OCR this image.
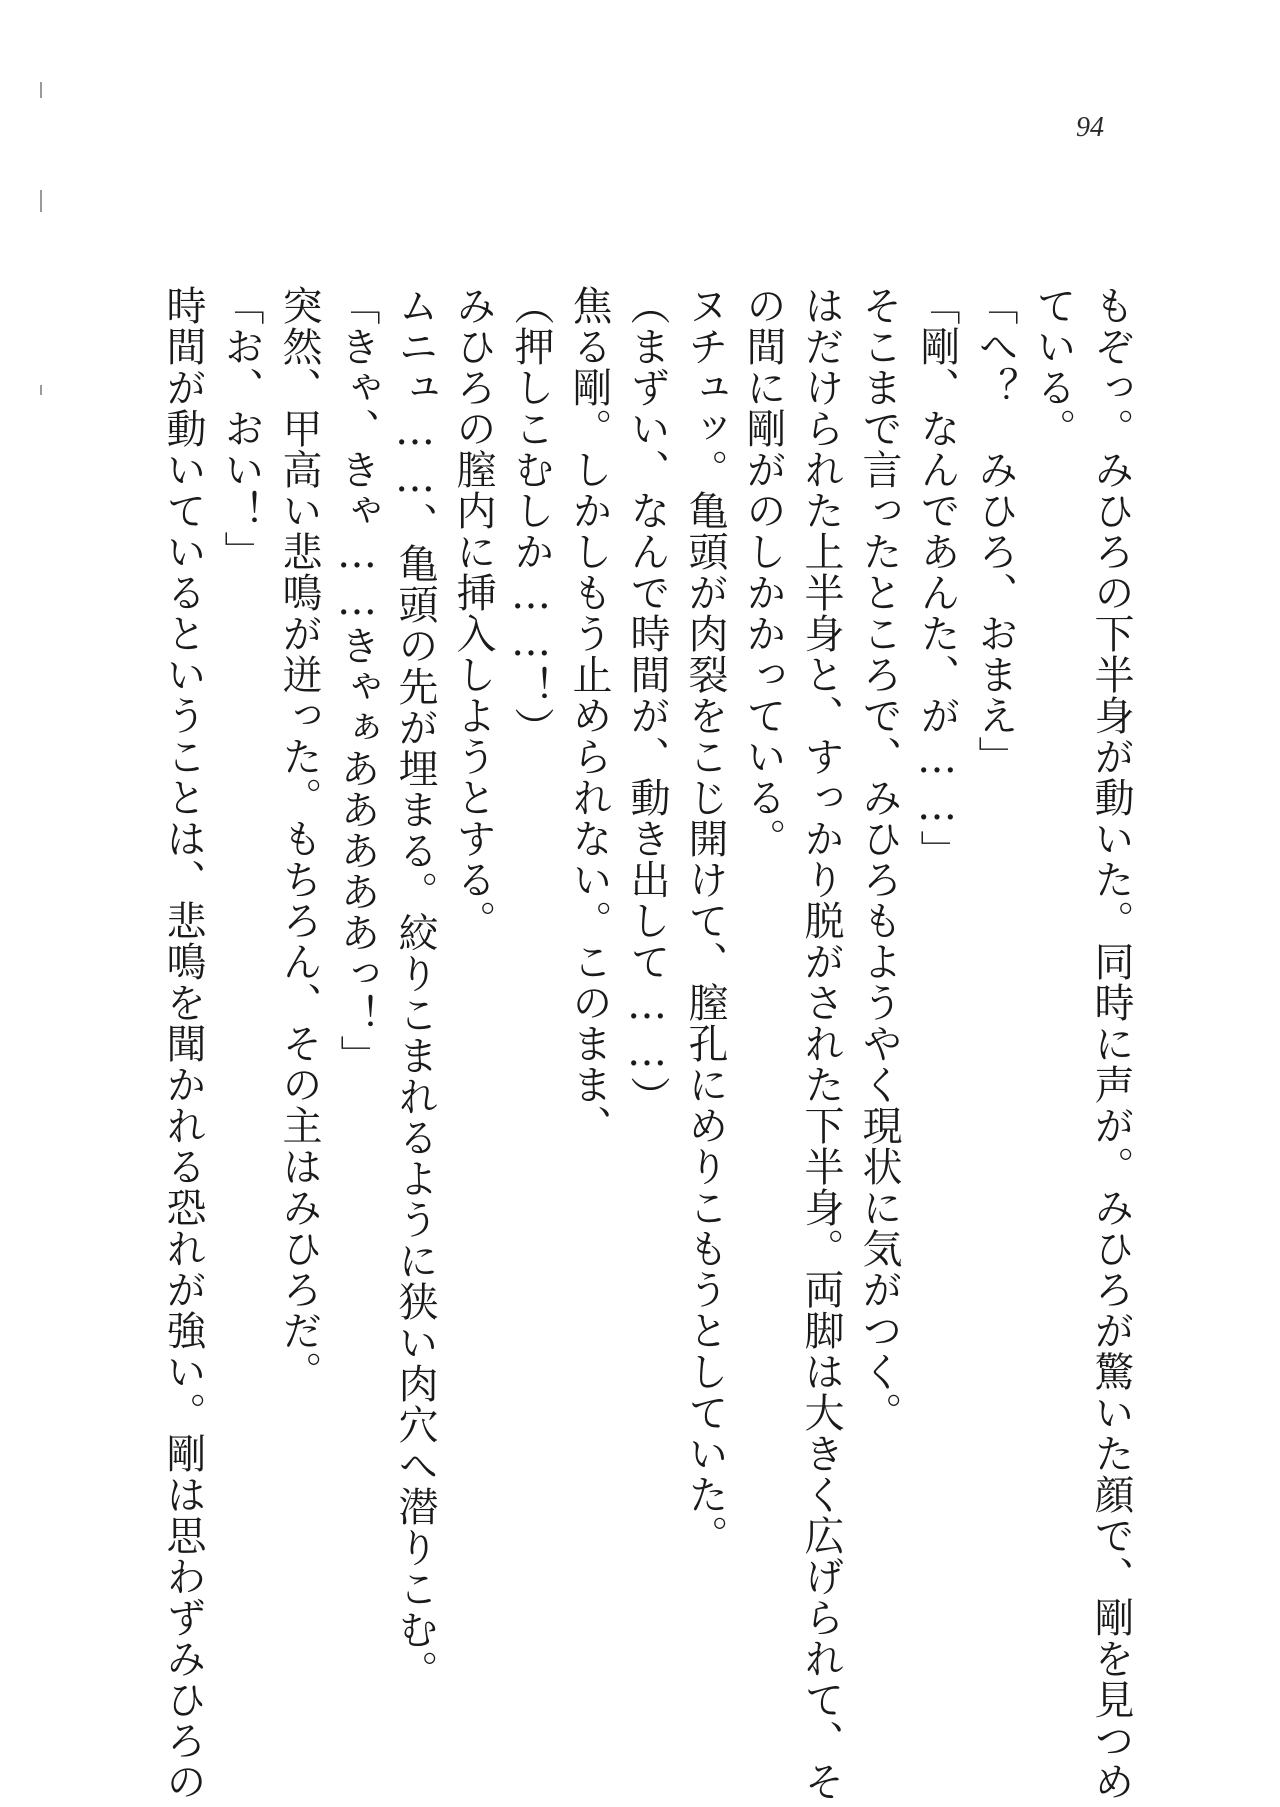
94
もぞっ。みひろの下半身が動いた。同時に声が。みひろが驚いた顔で、剛を見つめ
ている。
「へ？　みひろ、おまえ」
「剛、なんであんた、が……」
そこまで言ったところで、みひろもようやく現状に気がつく。
はだけられた上半身と、すっかり脱がされた下半身。両脚は大きく広げられて、そ
の間に剛がのしかかっている。
ヌチュッ。亀頭が肉裂をこじ開けて、膣孔にめりこもうとしていた。
（まずい、なんで時間が、動き出して……）
焦る剛。しかしもう止められない。このまま、
（押しこむしか……！）
みひろの膣内に挿入しようとする。
ムニュ……、亀頭の先が埋まる。絞りこまれるように狭い肉穴へ潜りこむ。
「きゃ、きゃ……きゃぁあああああっ！」
突然、甲高い悲鳴が迸った。もちろん、その主はみひろだ。
「お、おい！」
時間が動いているということは、悲鳴を聞かれる恐れが強い。剛は思わずみひろの
